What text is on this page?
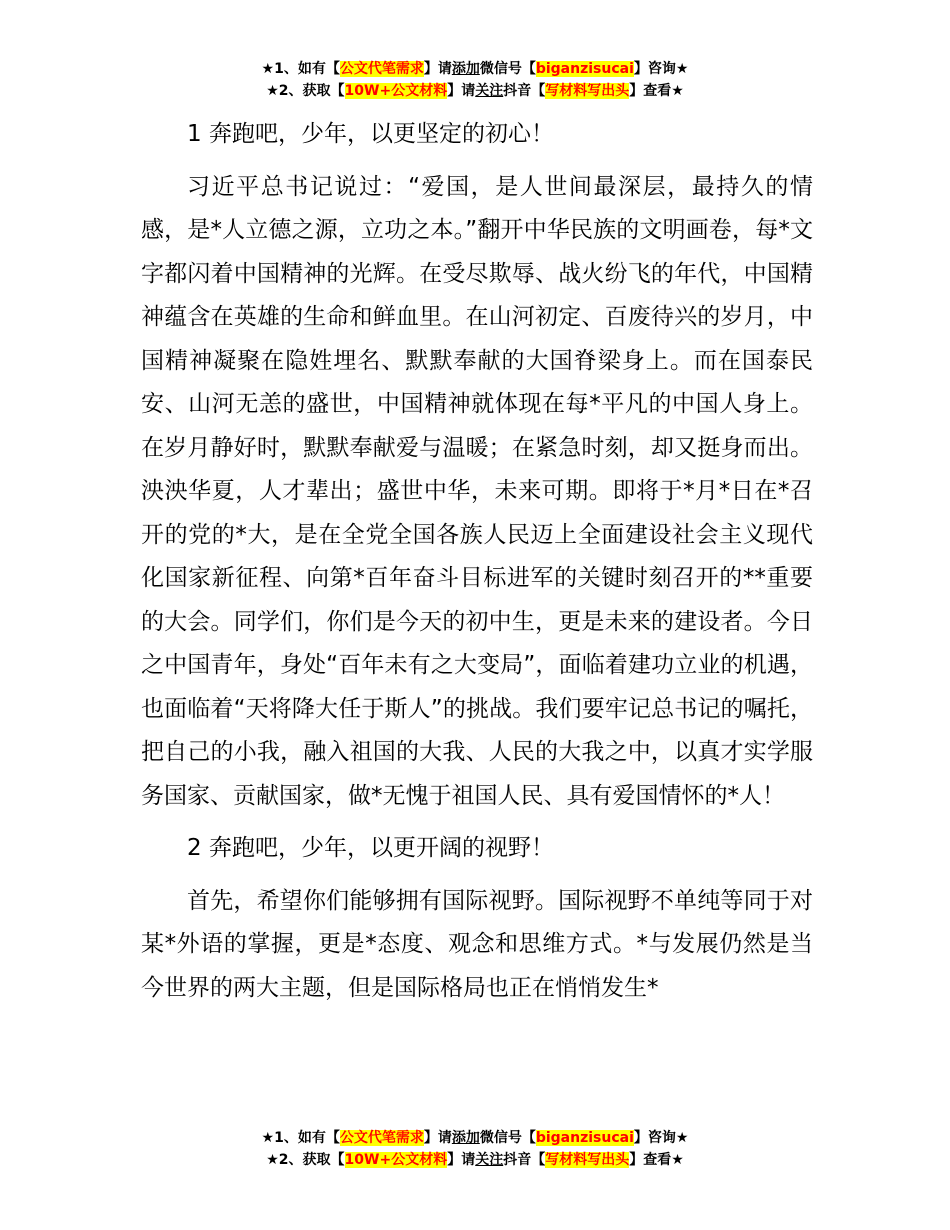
★1、如有【公文代笔需求】请添加微信号【biganzisucai】咨询★
★2、获取【10W+公文材料】请关注抖音【写材料写出头】查看★

1 奔跑吧，少年，以更坚定的初心！

习近平总书记说过：“爱国，是人世间最深层，最持久的情感，是*人立德之源，立功之本。”翻开中华民族的文明画卷，每*文字都闪着中国精神的光辉。在受尽欺辱、战火纷飞的年代，中国精神蕴含在英雄的生命和鲜血里。在山河初定、百废待兴的岁月，中国精神凝聚在隐姓埋名、默默奉献的大国脊梁身上。而在国泰民安、山河无恙的盛世，中国精神就体现在每*平凡的中国人身上。在岁月静好时，默默奉献爱与温暖；在紧急时刻，却又挺身而出。泱泱华夏，人才辈出；盛世中华，未来可期。即将于*月*日在*召开的党的*大，是在全党全国各族人民迈上全面建设社会主义现代化国家新征程、向第*百年奋斗目标进军的关键时刻召开的**重要的大会。同学们，你们是今天的初中生，更是未来的建设者。今日之中国青年，身处“百年未有之大变局”，面临着建功立业的机遇，也面临着“天将降大任于斯人”的挑战。我们要牢记总书记的嘱托，把自己的小我，融入祖国的大我、人民的大我之中，以真才实学服务国家、贡献国家，做*无愧于祖国人民、具有爱国情怀的*人！

2 奔跑吧，少年，以更开阔的视野！

首先，希望你们能够拥有国际视野。国际视野不单纯等同于对某*外语的掌握，更是*态度、观念和思维方式。*与发展仍然是当今世界的两大主题，但是国际格局也正在悄悄发生*

★1、如有【公文代笔需求】请添加微信号【biganzisucai】咨询★
★2、获取【10W+公文材料】请关注抖音【写材料写出头】查看★
